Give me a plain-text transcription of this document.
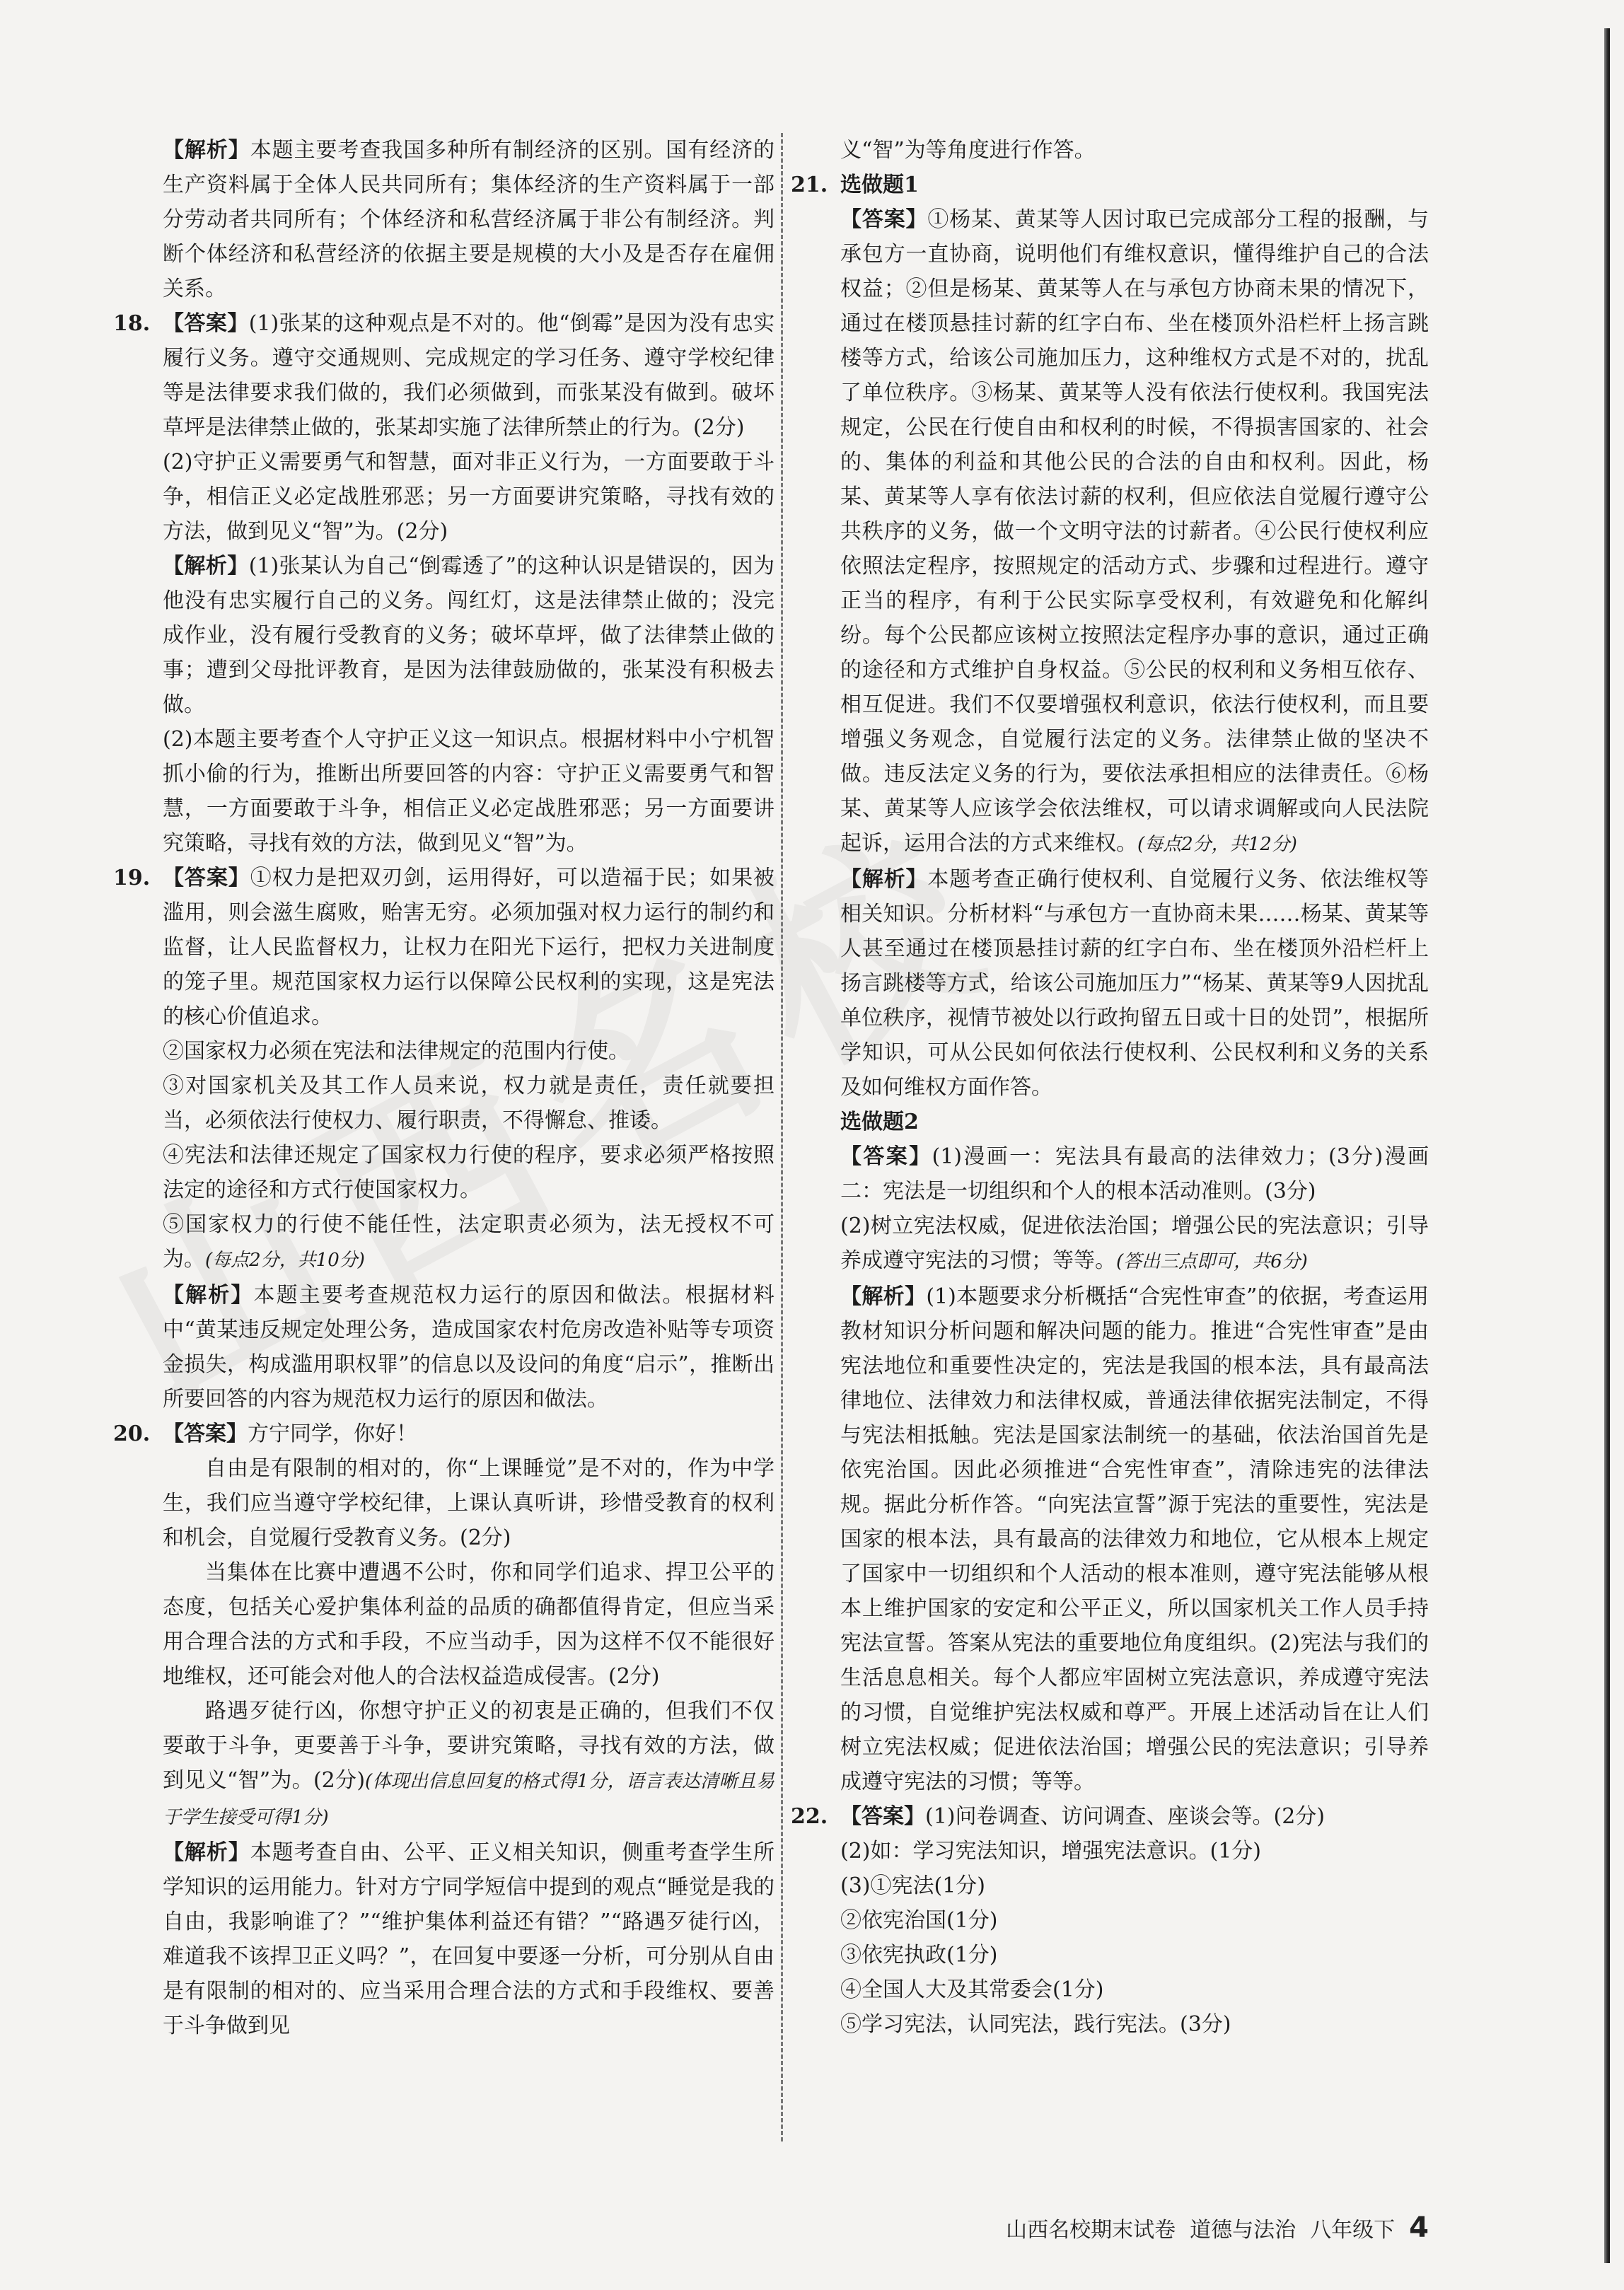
【解析】本题主要考查我国多种所有制经济的区别。国有经济的生产资料属于全体人民共同所有；集体经济的生产资料属于一部分劳动者共同所有；个体经济和私营经济属于非公有制经济。判断个体经济和私营经济的依据主要是规模的大小及是否存在雇佣关系。

18. 【答案】(1)张某的这种观点是不对的。他“倒霉”是因为没有忠实履行义务。遵守交通规则、完成规定的学习任务、遵守学校纪律等是法律要求我们做的，我们必须做到，而张某没有做到。破坏草坪是法律禁止做的，张某却实施了法律所禁止的行为。(2分)

(2)守护正义需要勇气和智慧，面对非正义行为，一方面要敢于斗争，相信正义必定战胜邪恶；另一方面要讲究策略，寻找有效的方法，做到见义“智”为。(2分)

【解析】(1)张某认为自己“倒霉透了”的这种认识是错误的，因为他没有忠实履行自己的义务。闯红灯，这是法律禁止做的；没完成作业，没有履行受教育的义务；破坏草坪，做了法律禁止做的事；遭到父母批评教育，是因为法律鼓励做的，张某没有积极去做。

(2)本题主要考查个人守护正义这一知识点。根据材料中小宁机智抓小偷的行为，推断出所要回答的内容：守护正义需要勇气和智慧，一方面要敢于斗争，相信正义必定战胜邪恶；另一方面要讲究策略，寻找有效的方法，做到见义“智”为。

19. 【答案】①权力是把双刃剑，运用得好，可以造福于民；如果被滥用，则会滋生腐败，贻害无穷。必须加强对权力运行的制约和监督，让人民监督权力，让权力在阳光下运行，把权力关进制度的笼子里。规范国家权力运行以保障公民权利的实现，这是宪法的核心价值追求。

②国家权力必须在宪法和法律规定的范围内行使。

③对国家机关及其工作人员来说，权力就是责任，责任就要担当，必须依法行使权力、履行职责，不得懈怠、推诿。

④宪法和法律还规定了国家权力行使的程序，要求必须严格按照法定的途径和方式行使国家权力。

⑤国家权力的行使不能任性，法定职责必须为，法无授权不可为。(每点2分，共10分)

【解析】本题主要考查规范权力运行的原因和做法。根据材料中“黄某违反规定处理公务，造成国家农村危房改造补贴等专项资金损失，构成滥用职权罪”的信息以及设问的角度“启示”，推断出所要回答的内容为规范权力运行的原因和做法。

20. 【答案】方宁同学，你好！

自由是有限制的相对的，你“上课睡觉”是不对的，作为中学生，我们应当遵守学校纪律，上课认真听讲，珍惜受教育的权利和机会，自觉履行受教育义务。(2分)

当集体在比赛中遭遇不公时，你和同学们追求、捍卫公平的态度，包括关心爱护集体利益的品质的确都值得肯定，但应当采用合理合法的方式和手段，不应当动手，因为这样不仅不能很好地维权，还可能会对他人的合法权益造成侵害。(2分)

路遇歹徒行凶，你想守护正义的初衷是正确的，但我们不仅要敢于斗争，更要善于斗争，要讲究策略，寻找有效的方法，做到见义“智”为。(2分)(体现出信息回复的格式得1分，语言表达清晰且易于学生接受可得1分)

【解析】本题考查自由、公平、正义相关知识，侧重考查学生所学知识的运用能力。针对方宁同学短信中提到的观点“睡觉是我的自由，我影响谁了？”“维护集体利益还有错？”“路遇歹徒行凶，难道我不该捍卫正义吗？”，在回复中要逐一分析，可分别从自由是有限制的相对的、应当采用合理合法的方式和手段维权、要善于斗争做到见

义“智”为等角度进行作答。

21. 选做题1

【答案】①杨某、黄某等人因讨取已完成部分工程的报酬，与承包方一直协商，说明他们有维权意识，懂得维护自己的合法权益；②但是杨某、黄某等人在与承包方协商未果的情况下，通过在楼顶悬挂讨薪的红字白布、坐在楼顶外沿栏杆上扬言跳楼等方式，给该公司施加压力，这种维权方式是不对的，扰乱了单位秩序。③杨某、黄某等人没有依法行使权利。我国宪法规定，公民在行使自由和权利的时候，不得损害国家的、社会的、集体的利益和其他公民的合法的自由和权利。因此，杨某、黄某等人享有依法讨薪的权利，但应依法自觉履行遵守公共秩序的义务，做一个文明守法的讨薪者。④公民行使权利应依照法定程序，按照规定的活动方式、步骤和过程进行。遵守正当的程序，有利于公民实际享受权利，有效避免和化解纠纷。每个公民都应该树立按照法定程序办事的意识，通过正确的途径和方式维护自身权益。⑤公民的权利和义务相互依存、相互促进。我们不仅要增强权利意识，依法行使权利，而且要增强义务观念，自觉履行法定的义务。法律禁止做的坚决不做。违反法定义务的行为，要依法承担相应的法律责任。⑥杨某、黄某等人应该学会依法维权，可以请求调解或向人民法院起诉，运用合法的方式来维权。(每点2分，共12分)

【解析】本题考查正确行使权利、自觉履行义务、依法维权等相关知识。分析材料“与承包方一直协商未果……杨某、黄某等人甚至通过在楼顶悬挂讨薪的红字白布、坐在楼顶外沿栏杆上扬言跳楼等方式，给该公司施加压力”“杨某、黄某等9人因扰乱单位秩序，视情节被处以行政拘留五日或十日的处罚”，根据所学知识，可从公民如何依法行使权利、公民权利和义务的关系及如何维权方面作答。

选做题2

【答案】(1)漫画一：宪法具有最高的法律效力；(3分)漫画二：宪法是一切组织和个人的根本活动准则。(3分)

(2)树立宪法权威，促进依法治国；增强公民的宪法意识；引导养成遵守宪法的习惯；等等。(答出三点即可，共6分)

【解析】(1)本题要求分析概括“合宪性审查”的依据，考查运用教材知识分析问题和解决问题的能力。推进“合宪性审查”是由宪法地位和重要性决定的，宪法是我国的根本法，具有最高法律地位、法律效力和法律权威，普通法律依据宪法制定，不得与宪法相抵触。宪法是国家法制统一的基础，依法治国首先是依宪治国。因此必须推进“合宪性审查”，清除违宪的法律法规。据此分析作答。“向宪法宣誓”源于宪法的重要性，宪法是国家的根本法，具有最高的法律效力和地位，它从根本上规定了国家中一切组织和个人活动的根本准则，遵守宪法能够从根本上维护国家的安定和公平正义，所以国家机关工作人员手持宪法宣誓。答案从宪法的重要地位角度组织。(2)宪法与我们的生活息息相关。每个人都应牢固树立宪法意识，养成遵守宪法的习惯，自觉维护宪法权威和尊严。开展上述活动旨在让人们树立宪法权威；促进依法治国；增强公民的宪法意识；引导养成遵守宪法的习惯；等等。

22. 【答案】(1)问卷调查、访问调查、座谈会等。(2分)

(2)如：学习宪法知识，增强宪法意识。(1分)

(3)①宪法(1分)

②依宪治国(1分)

③依宪执政(1分)

④全国人大及其常委会(1分)

⑤学习宪法，认同宪法，践行宪法。(3分)

山西名校期末试卷 道德与法治 八年级下 4
